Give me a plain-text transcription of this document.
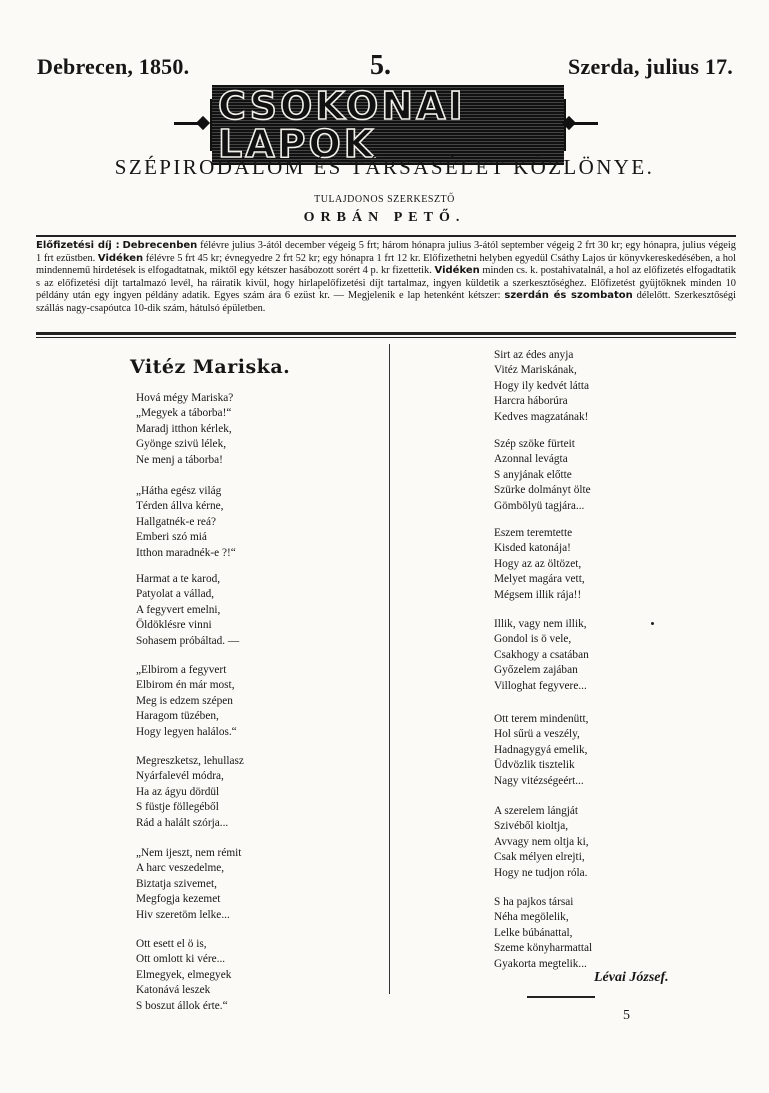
Debrecen, 1850.	5.	Szerda, julius 17.
CSOKONAI LAPOK
SZÉPIRODALOM ÉS TÁRSASÉLET KÖZLÖNYE.
TULAJDONOS SZERKESZTŐ
ORBÁN PETŐ.
Előfizetési díj : Debrecenben félévre julius 3-ától december végeig 5 frt; három hónapra julius 3-ától september végeig 2 frt 30 kr; egy hónapra, julius végeig 1 frt ezüstben. Vidéken félévre 5 frt 45 kr; évnegyedre 2 frt 52 kr; egy hónapra 1 frt 12 kr. Előfizethetni helyben egyedül Csáthy Lajos úr könyvkereskedésében, a hol mindennemű hirdetések is elfogadtatnak, miktől egy kétszer hasábozott sorért 4 p. kr fizettetik. Vidéken minden cs. k. postahivatalnál, a hol az előfizetés elfogadtatik s az előfizetési díjt tartalmazó levél, ha ráiratik kivül, hogy hirlapelőfizetési díjt tartalmaz, ingyen küldetik a szerkesztőséghez. Előfizetést gyüjtőknek minden 10 példány után egy ingyen példány adatik. Egyes szám ára 6 ezüst kr. — Megjelenik e lap hetenként kétszer: szerdán és szombaton délelőtt. Szerkesztőségi szállás nagy-csapóutca 10-dik szám, hátulsó épületben.
Vitéz Mariska.
Hová mégy Mariska?
„Megyek a táborba!“
Maradj itthon kérlek,
Gyönge szivü lélek,
Ne menj a táborba!
„Hátha egész világ
Térden állva kérne,
Hallgatnék-e reá?
Emberi szó miá
Itthon maradnék-e ?!“
Harmat a te karod,
Patyolat a vállad,
A fegyvert emelni,
Öldöklésre vinni
Sohasem próbáltad. —
„Elbirom a fegyvert
Elbirom én már most,
Meg is edzem szépen
Haragom tüzében,
Hogy legyen halálos.“
Megreszketsz, lehullasz
Nyárfalevél módra,
Ha az ágyu dördül
S füstje föllegéből
Rád a halált szórja...
„Nem ijeszt, nem rémit
A harc veszedelme,
Biztatja szivemet,
Megfogja kezemet
Hiv szeretöm lelke...
Ott esett el ö is,
Ott omlott ki vére...
Elmegyek, elmegyek
Katonává leszek
S boszut állok érte.“
Sirt az édes anyja
Vitéz Mariskának,
Hogy ily kedvét látta
Harcra háborúra
Kedves magzatának!
Szép szöke fürteit
Azonnal levágta
S anyjának előtte
Szürke dolmányt ölte
Gömbölyü tagjára...
Eszem teremtette
Kisded katonája!
Hogy az az öltözet,
Melyet magára vett,
Mégsem illik rája!!
Illik, vagy nem illik,
Gondol is ö vele,
Csakhogy a csatában
Győzelem zajában
Villoghat fegyvere...
Ott terem mindenütt,
Hol sűrü a veszély,
Hadnagygyá emelik,
Üdvözlik tisztelik
Nagy vitézségeért...
A szerelem lángját
Szivéből kioltja,
Avvagy nem oltja ki,
Csak mélyen elrejti,
Hogy ne tudjon róla.
S ha pajkos társai
Néha megölelik,
Lelke búbánattal,
Szeme könyharmattal
Gyakorta megtelik...
Lévai József.
5
